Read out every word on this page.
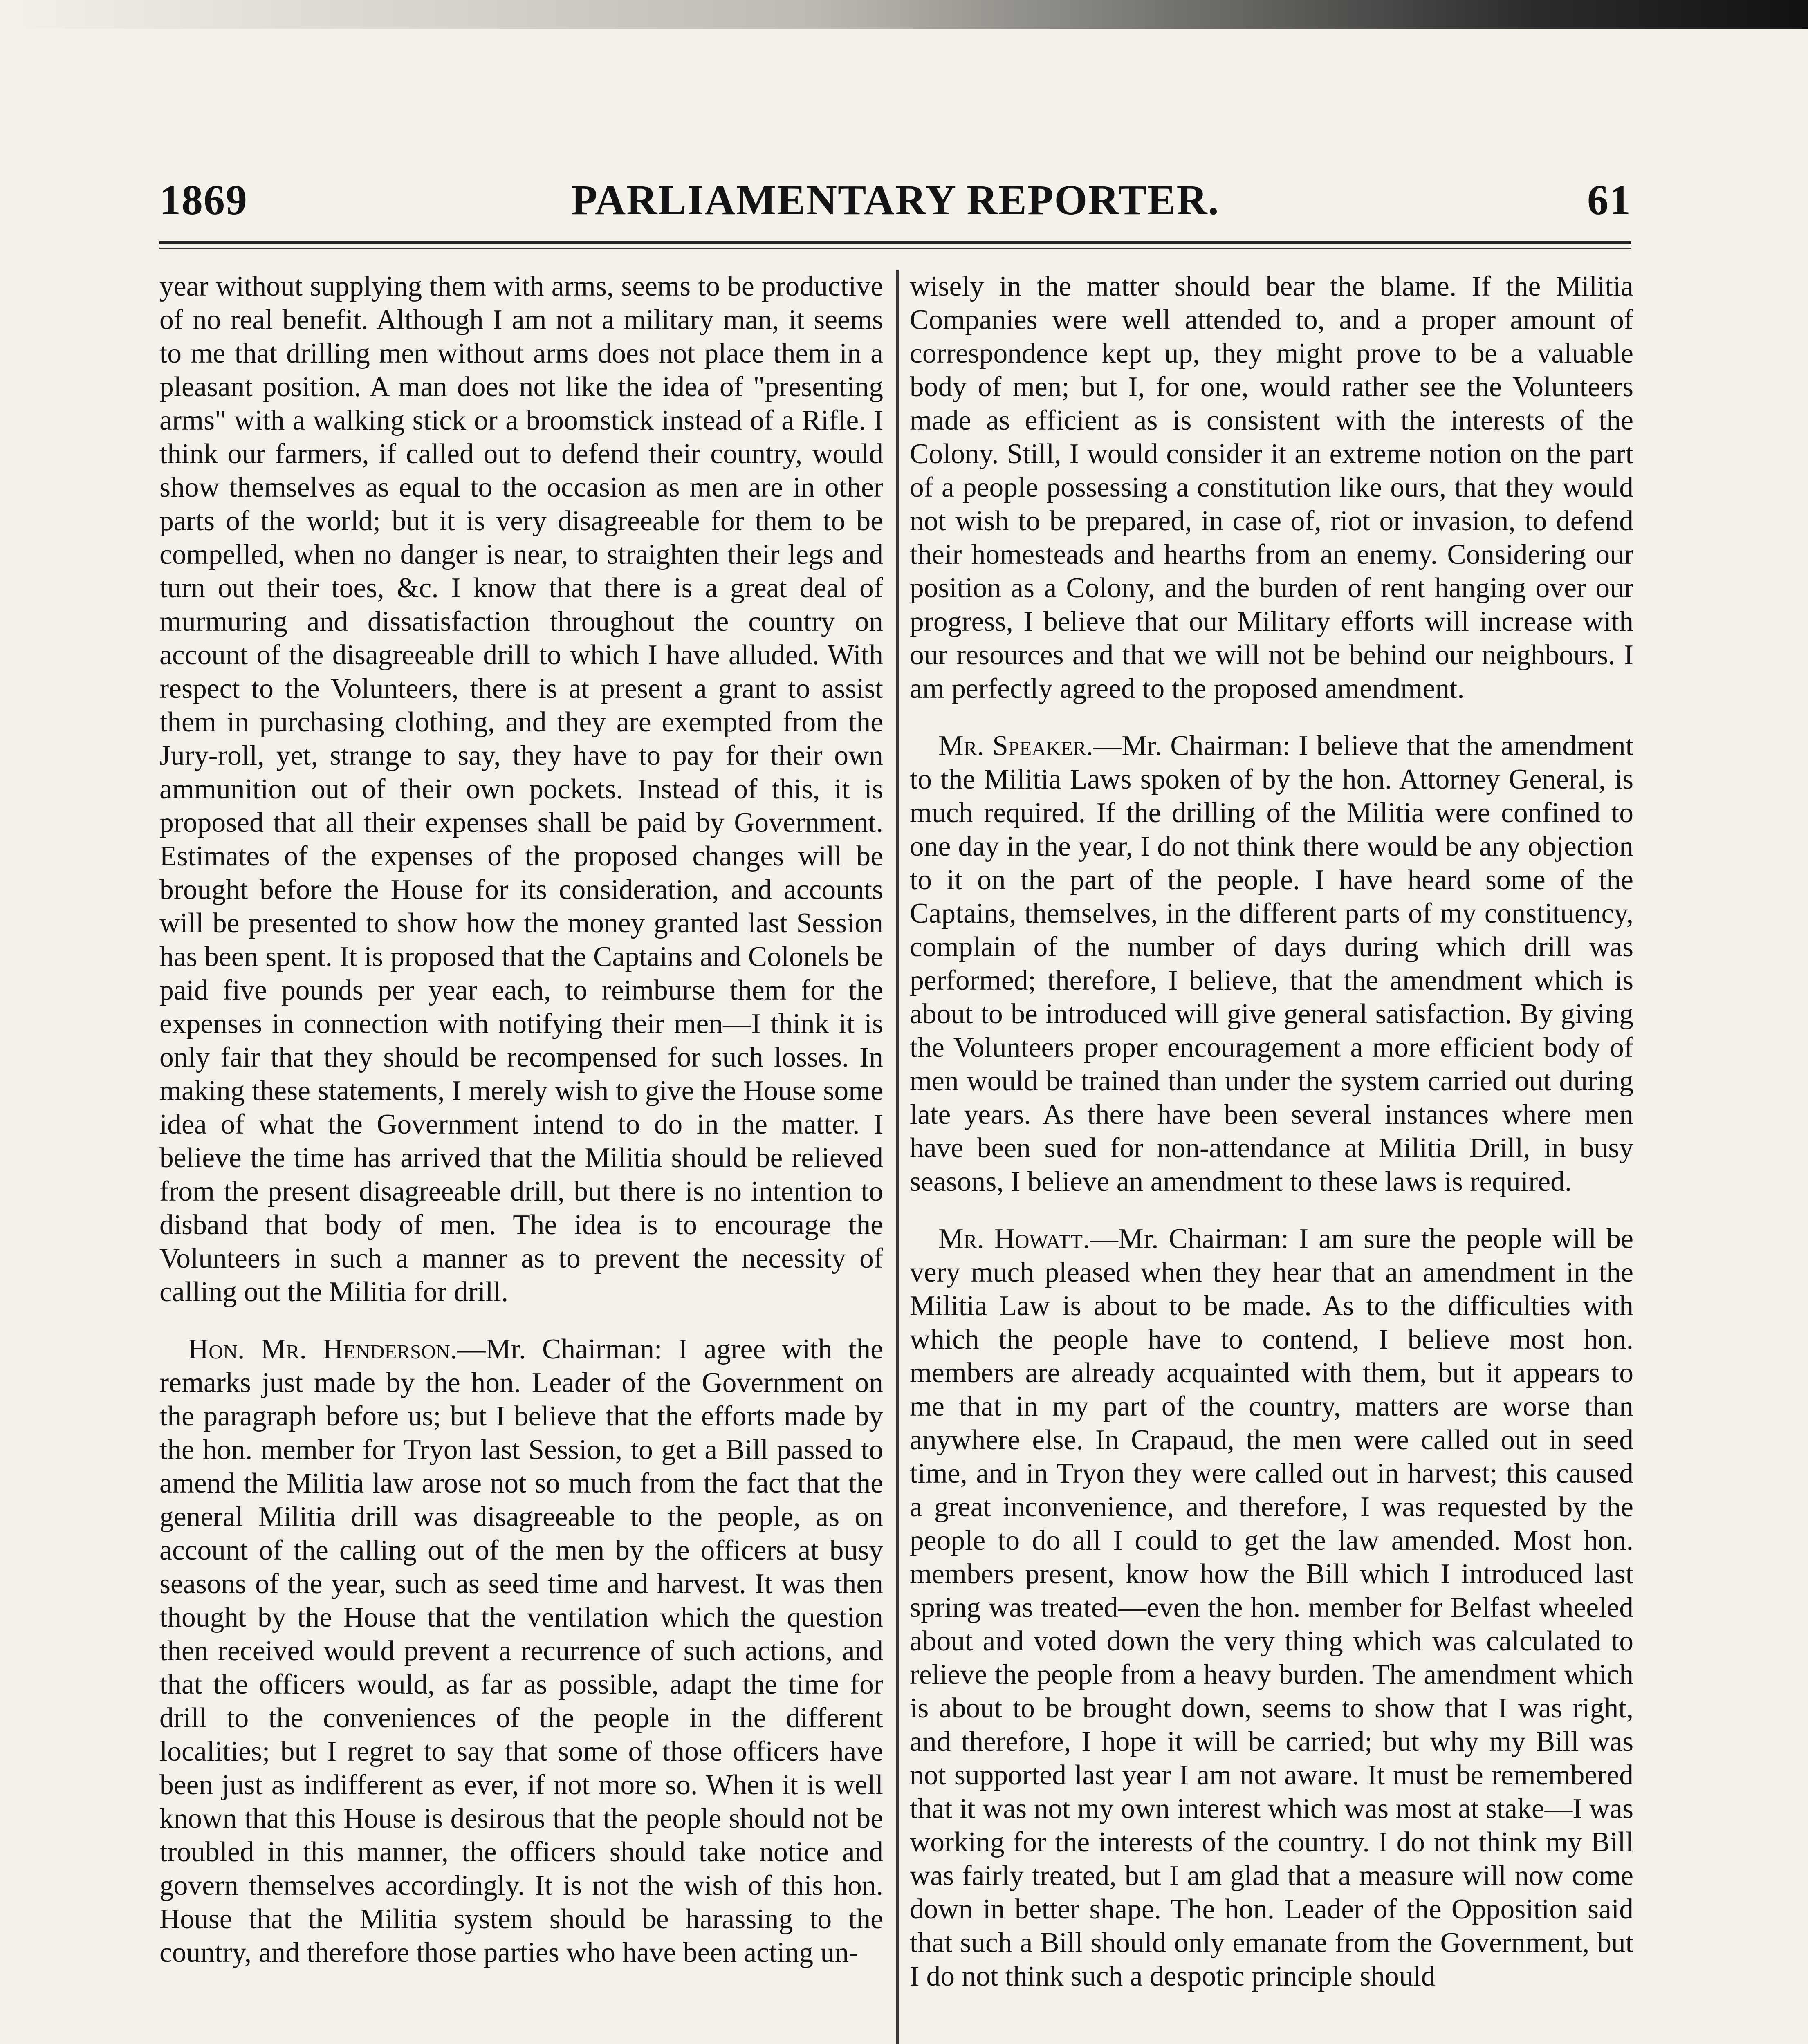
1869	PARLIAMENTARY REPORTER.	61

year without supplying them with arms, seems to be productive of no real benefit. Although I am not a military man, it seems to me that drilling men without arms does not place them in a pleasant position. A man does not like the idea of "presenting arms" with a walking stick or a broomstick instead of a Rifle. I think our farmers, if called out to defend their country, would show themselves as equal to the occasion as men are in other parts of the world; but it is very disagreeable for them to be compelled, when no danger is near, to straighten their legs and turn out their toes, &c. I know that there is a great deal of murmuring and dissatisfaction throughout the country on account of the disagreeable drill to which I have alluded. With respect to the Volunteers, there is at present a grant to assist them in purchasing clothing, and they are exempted from the Jury-roll, yet, strange to say, they have to pay for their own ammunition out of their own pockets. Instead of this, it is proposed that all their expenses shall be paid by Government. Estimates of the expenses of the proposed changes will be brought before the House for its consideration, and accounts will be presented to show how the money granted last Session has been spent. It is proposed that the Captains and Colonels be paid five pounds per year each, to reimburse them for the expenses in connection with notifying their men—I think it is only fair that they should be recompensed for such losses. In making these statements, I merely wish to give the House some idea of what the Government intend to do in the matter. I believe the time has arrived that the Militia should be relieved from the present disagreeable drill, but there is no intention to disband that body of men. The idea is to encourage the Volunteers in such a manner as to prevent the necessity of calling out the Militia for drill.

Hon. Mr. Henderson.—Mr. Chairman: I agree with the remarks just made by the hon. Leader of the Government on the paragraph before us; but I believe that the efforts made by the hon. member for Tryon last Session, to get a Bill passed to amend the Militia law arose not so much from the fact that the general Militia drill was disagreeable to the people, as on account of the calling out of the men by the officers at busy seasons of the year, such as seed time and harvest. It was then thought by the House that the ventilation which the question then received would prevent a recurrence of such actions, and that the officers would, as far as possible, adapt the time for drill to the conveniences of the people in the different localities; but I regret to say that some of those officers have been just as indifferent as ever, if not more so. When it is well known that this House is desirous that the people should not be troubled in this manner, the officers should take notice and govern themselves accordingly. It is not the wish of this hon. House that the Militia system should be harassing to the country, and therefore those parties who have been acting un-

wisely in the matter should bear the blame. If the Militia Companies were well attended to, and a proper amount of correspondence kept up, they might prove to be a valuable body of men; but I, for one, would rather see the Volunteers made as efficient as is consistent with the interests of the Colony. Still, I would consider it an extreme notion on the part of a people possessing a constitution like ours, that they would not wish to be prepared, in case of, riot or invasion, to defend their homesteads and hearths from an enemy. Considering our position as a Colony, and the burden of rent hanging over our progress, I believe that our Military efforts will increase with our resources and that we will not be behind our neighbours. I am perfectly agreed to the proposed amendment.

Mr. Speaker.—Mr. Chairman: I believe that the amendment to the Militia Laws spoken of by the hon. Attorney General, is much required. If the drilling of the Militia were confined to one day in the year, I do not think there would be any objection to it on the part of the people. I have heard some of the Captains, themselves, in the different parts of my constituency, complain of the number of days during which drill was performed; therefore, I believe, that the amendment which is about to be introduced will give general satisfaction. By giving the Volunteers proper encouragement a more efficient body of men would be trained than under the system carried out during late years. As there have been several instances where men have been sued for non-attendance at Militia Drill, in busy seasons, I believe an amendment to these laws is required.

Mr. Howatt.—Mr. Chairman: I am sure the people will be very much pleased when they hear that an amendment in the Militia Law is about to be made. As to the difficulties with which the people have to contend, I believe most hon. members are already acquainted with them, but it appears to me that in my part of the country, matters are worse than anywhere else. In Crapaud, the men were called out in seed time, and in Tryon they were called out in harvest; this caused a great inconvenience, and therefore, I was requested by the people to do all I could to get the law amended. Most hon. members present, know how the Bill which I introduced last spring was treated—even the hon. member for Belfast wheeled about and voted down the very thing which was calculated to relieve the people from a heavy burden. The amendment which is about to be brought down, seems to show that I was right, and therefore, I hope it will be carried; but why my Bill was not supported last year I am not aware. It must be remembered that it was not my own interest which was most at stake—I was working for the interests of the country. I do not think my Bill was fairly treated, but I am glad that a measure will now come down in better shape. The hon. Leader of the Opposition said that such a Bill should only emanate from the Government, but I do not think such a despotic principle should
